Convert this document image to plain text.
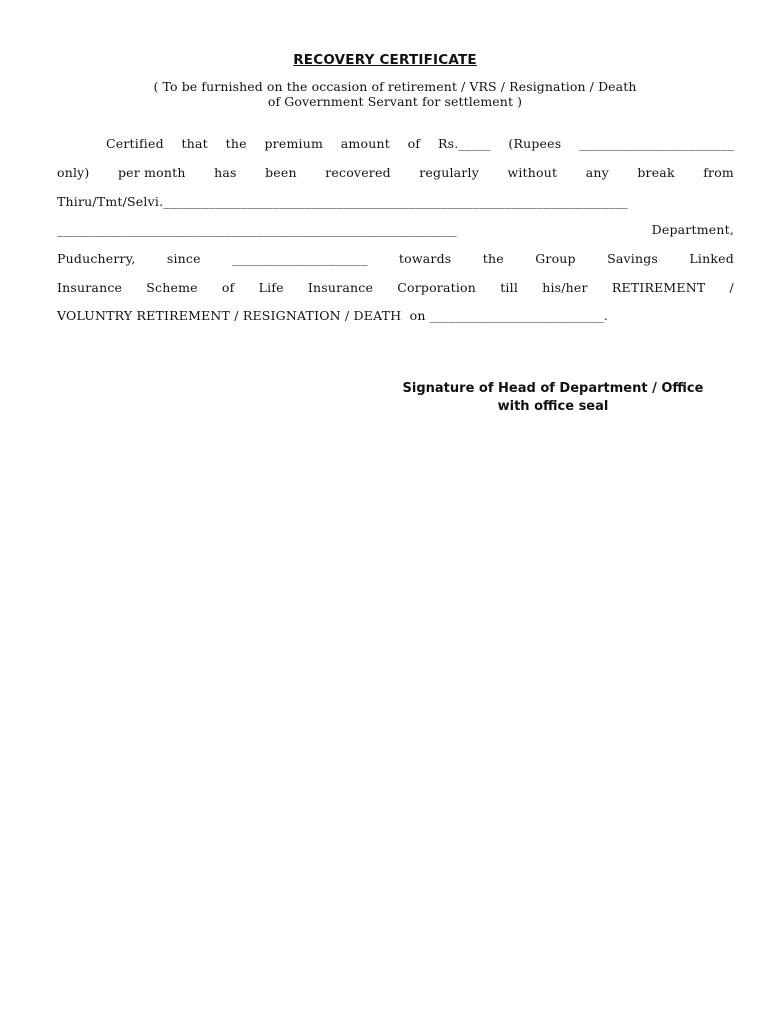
RECOVERY CERTIFICATE
( To be furnished on the occasion of retirement / VRS / Resignation / Death
of Government Servant for settlement )
Certified that the premium amount of Rs._____ (Rupees ________________________
only) per month has been recovered regularly without any break from
Thiru/Tmt/Selvi.________________________________________________________________________
______________________________________________________________	Department,
Puducherry,	since	_____________________	towards	the	Group	Savings	Linked
Insurance Scheme of Life Insurance Corporation till his/her RETIREMENT /
VOLUNTRY RETIREMENT / RESIGNATION / DEATH  on ___________________________.
Signature of Head of Department / Office
with office seal
